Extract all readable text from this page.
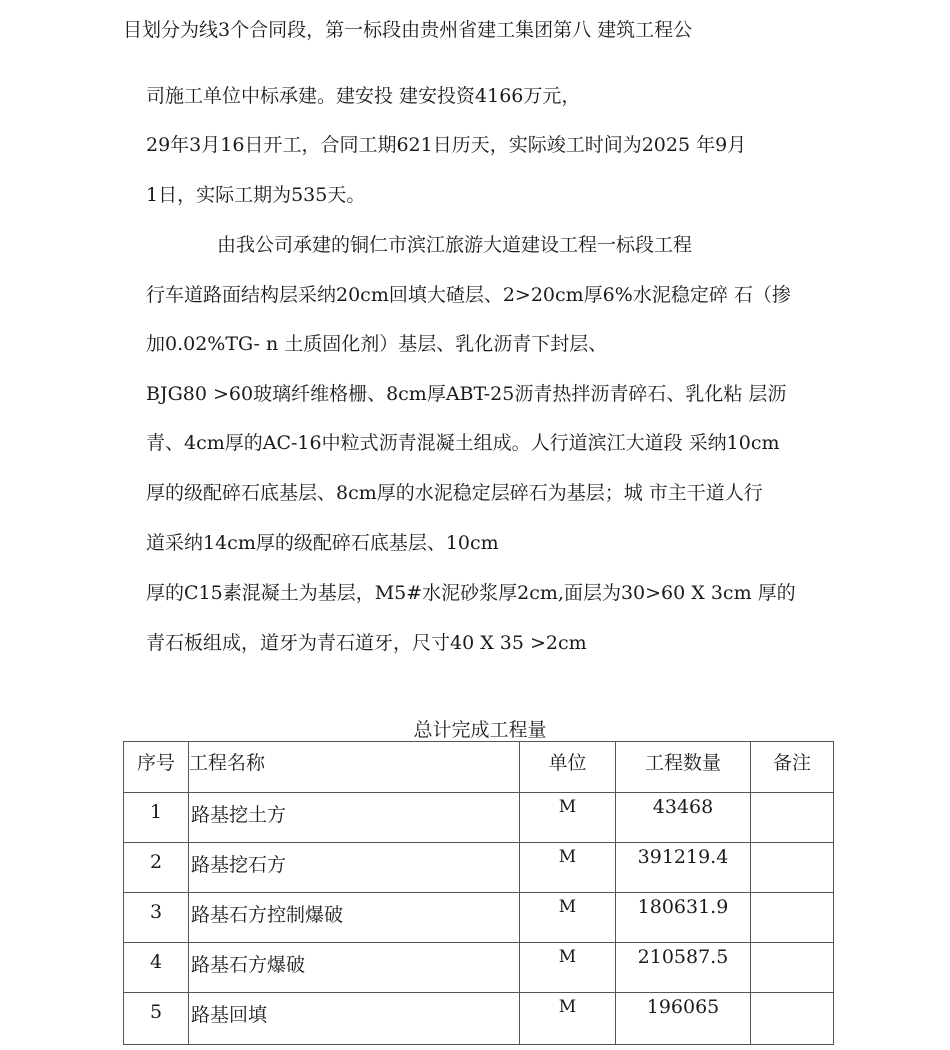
目划分为线3个合同段，第一标段由贵州省建工集团第八 建筑工程公
司施工单位中标承建。建安投 建安投资4166万元，
29年3月16日开工，合同工期621日历天，实际竣工时间为2025 年9月
1日，实际工期为535天。
由我公司承建的铜仁市滨江旅游大道建设工程一标段工程
行车道路面结构层采纳20cm回填大碴层、2>20cm厚6%水泥稳定碎 石（掺
加0.02%TG- n 土质固化剂）基层、乳化沥青下封层、
BJG80 >60玻璃纤维格栅、8cm厚ABT-25沥青热拌沥青碎石、乳化粘 层沥
青、4cm厚的AC-16中粒式沥青混凝土组成。人行道滨江大道段 采纳10cm
厚的级配碎石底基层、8cm厚的水泥稳定层碎石为基层；城 市主干道人行
道采纳14cm厚的级配碎石底基层、10cm
厚的C15素混凝土为基层，M5#水泥砂浆厚2cm,面层为30>60 X 3cm 厚的
青石板组成，道牙为青石道牙，尺寸40 X 35 >2cm
总计完成工程量
序号	工程名称	单位	工程数量	备注
1	路基挖土方	M	43468	
2	路基挖石方	M	391219.4	
3	路基石方控制爆破	M	180631.9	
4	路基石方爆破	M	210587.5	
5	路基回填	M	196065	
